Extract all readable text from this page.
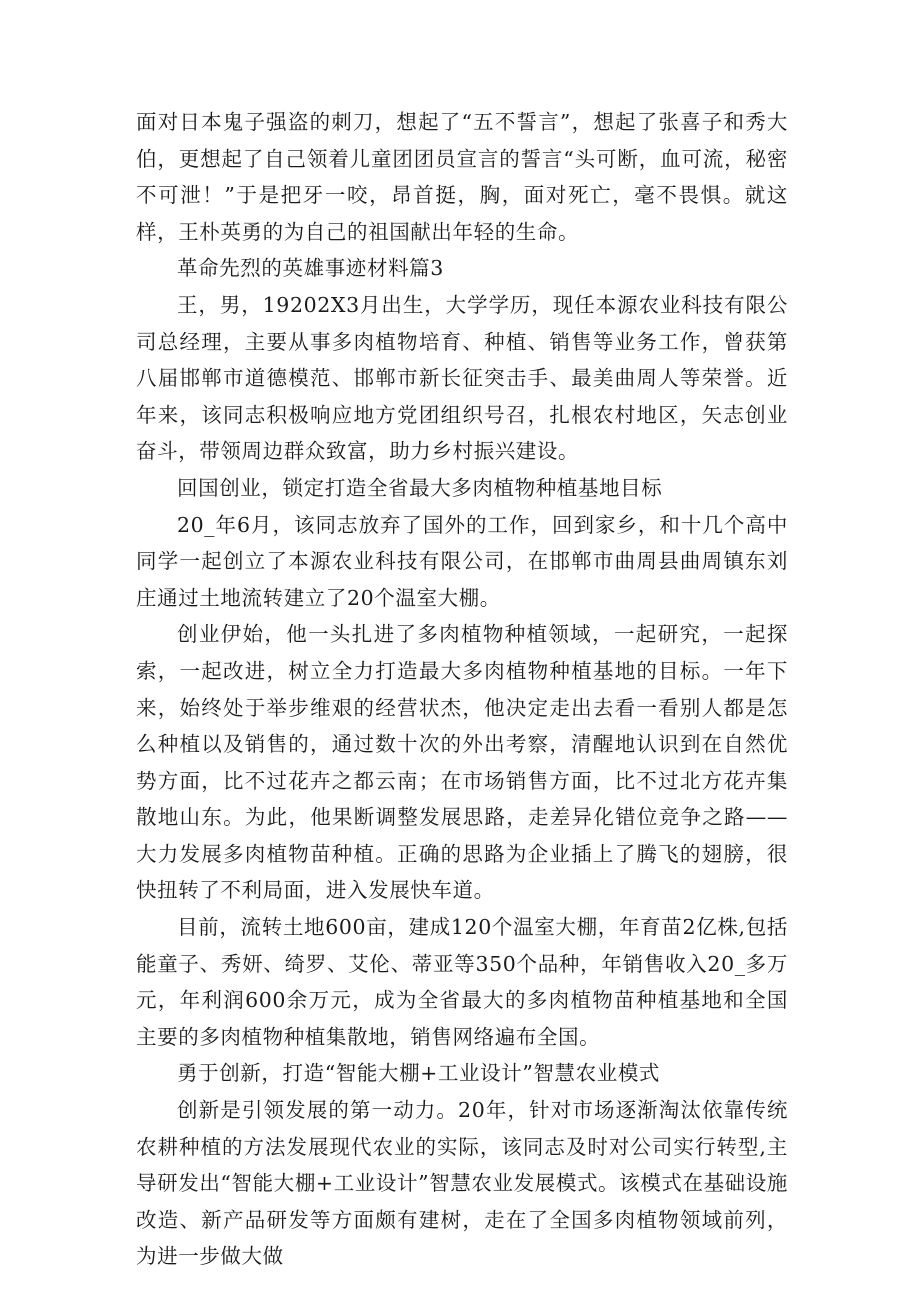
面对日本鬼子强盗的刺刀，想起了“五不誓言”，想起了张喜子和秀大伯，更想起了自己领着儿童团团员宣言的誓言“头可断，血可流，秘密不可泄！”于是把牙一咬，昂首挺，胸，面对死亡，毫不畏惧。就这样，王朴英勇的为自己的祖国献出年轻的生命。

革命先烈的英雄事迹材料篇3

王，男，19202X3月出生，大学学历，现任本源农业科技有限公司总经理，主要从事多肉植物培育、种植、销售等业务工作，曾获第八届邯郸市道德模范、邯郸市新长征突击手、最美曲周人等荣誉。近年来，该同志积极响应地方党团组织号召，扎根农村地区，矢志创业奋斗，带领周边群众致富，助力乡村振兴建设。

回国创业，锁定打造全省最大多肉植物种植基地目标

20_年6月，该同志放弃了国外的工作，回到家乡，和十几个高中同学一起创立了本源农业科技有限公司，在邯郸市曲周县曲周镇东刘庄通过土地流转建立了20个温室大棚。

创业伊始，他一头扎进了多肉植物种植领域，一起研究，一起探索，一起改进，树立全力打造最大多肉植物种植基地的目标。一年下来，始终处于举步维艰的经营状杰，他决定走出去看一看别人都是怎么种植以及销售的，通过数十次的外出考察，清醒地认识到在自然优势方面，比不过花卉之都云南；在市场销售方面，比不过北方花卉集散地山东。为此，他果断调整发展思路，走差异化错位竞争之路——大力发展多肉植物苗种植。正确的思路为企业插上了腾飞的翅膀，很快扭转了不利局面，进入发展快车道。

目前，流转土地600亩，建成120个温室大棚，年育苗2亿株,包括能童子、秀妍、绮罗、艾伦、蒂亚等350个品种，年销售收入20_多万元，年利润600余万元，成为全省最大的多肉植物苗种植基地和全国主要的多肉植物种植集散地，销售网络遍布全国。

勇于创新，打造“智能大棚+工业设计”智慧农业模式

创新是引领发展的第一动力。20年，针对市场逐渐淘汰依靠传统农耕种植的方法发展现代农业的实际，该同志及时对公司实行转型,主导研发出“智能大棚+工业设计”智慧农业发展模式。该模式在基础设施改造、新产品研发等方面颇有建树，走在了全国多肉植物领域前列，为进一步做大做
